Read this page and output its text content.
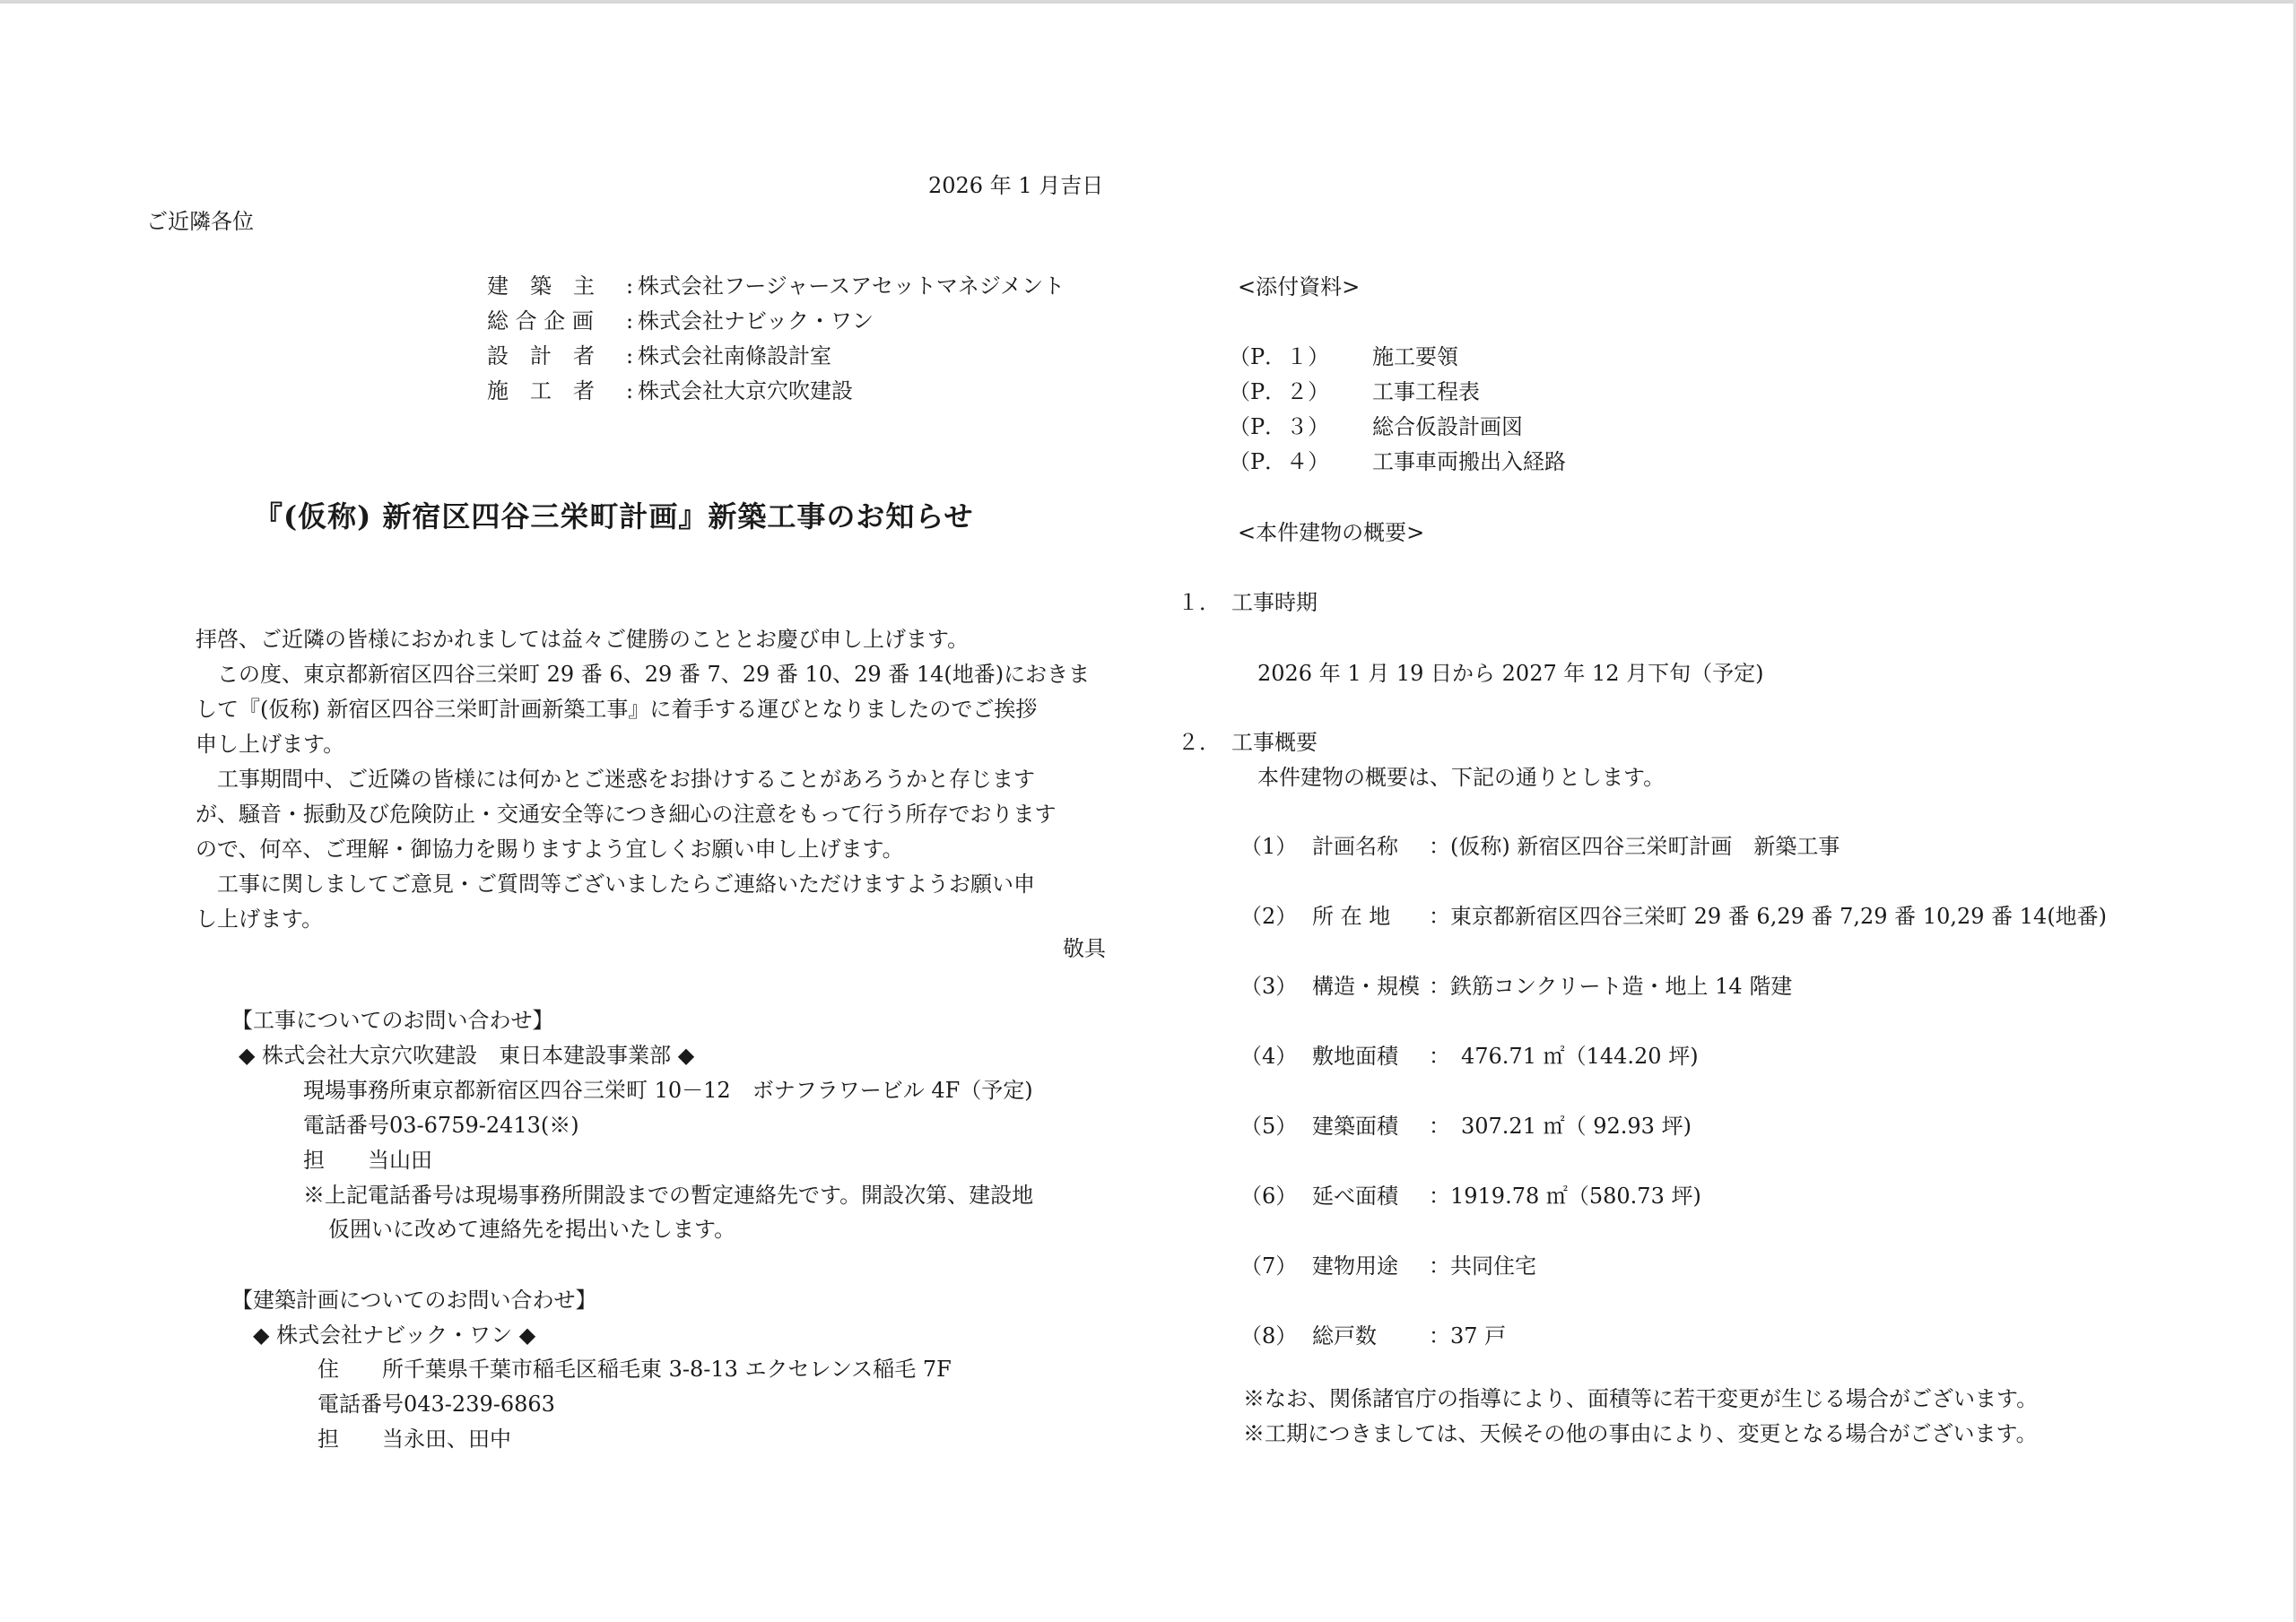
2026 年 1 月吉日
ご近隣各位
建　築　主	: 株式会社フージャースアセットマネジメント
総 合 企 画	: 株式会社ナビック・ワン
設　計　者	: 株式会社南條設計室
施　工　者	: 株式会社大京穴吹建設
『(仮称) 新宿区四谷三栄町計画』新築工事のお知らせ
拝啓、ご近隣の皆様におかれましては益々ご健勝のこととお慶び申し上げます。
　この度、東京都新宿区四谷三栄町 29 番 6、29 番 7、29 番 10、29 番 14(地番)におきま
して『(仮称) 新宿区四谷三栄町計画新築工事』に着手する運びとなりましたのでご挨拶
申し上げます。
　工事期間中、ご近隣の皆様には何かとご迷惑をお掛けすることがあろうかと存じます
が、騒音・振動及び危険防止・交通安全等につき細心の注意をもって行う所存でおります
ので、何卒、ご理解・御協力を賜りますよう宜しくお願い申し上げます。
　工事に関しましてご意見・ご質問等ございましたらご連絡いただけますようお願い申
し上げます。
敬具
【工事についてのお問い合わせ】
◆ 株式会社大京穴吹建設　東日本建設事業部 ◆
現場事務所東京都新宿区四谷三栄町 10－12　ボナフラワービル 4F（予定)
電話番号03-6759-2413(※)
担　　当山田
※上記電話番号は現場事務所開設までの暫定連絡先です。開設次第、建設地
仮囲いに改めて連絡先を掲出いたします。
【建築計画についてのお問い合わせ】
◆ 株式会社ナビック・ワン ◆
住　　所千葉県千葉市稲毛区稲毛東 3-8-13 エクセレンス稲毛 7F
電話番号043-239-6863
担　　当永田、田中
<添付資料>
（P．１）	施工要領
（P．２）	工事工程表
（P．３）	総合仮設計画図
（P．４）	工事車両搬出入経路
<本件建物の概要>
１．　工事時期
2026 年 1 月 19 日から 2027 年 12 月下旬（予定)
２．　工事概要
本件建物の概要は、下記の通りとします。
（1） 計画名称	：(仮称) 新宿区四谷三栄町計画　新築工事
（2） 所 在 地	：東京都新宿区四谷三栄町 29 番 6,29 番 7,29 番 10,29 番 14(地番)
（3） 構造・規模 ：鉄筋コンクリート造・地上 14 階建
（4） 敷地面積	：　476.71 ㎡（144.20 坪)
（5） 建築面積	：　307.21 ㎡（ 92.93 坪)
（6） 延べ面積	：1919.78 ㎡（580.73 坪)
（7） 建物用途	：共同住宅
（8） 総戸数	：37 戸
※なお、関係諸官庁の指導により、面積等に若干変更が生じる場合がございます。
※工期につきましては、天候その他の事由により、変更となる場合がございます。
